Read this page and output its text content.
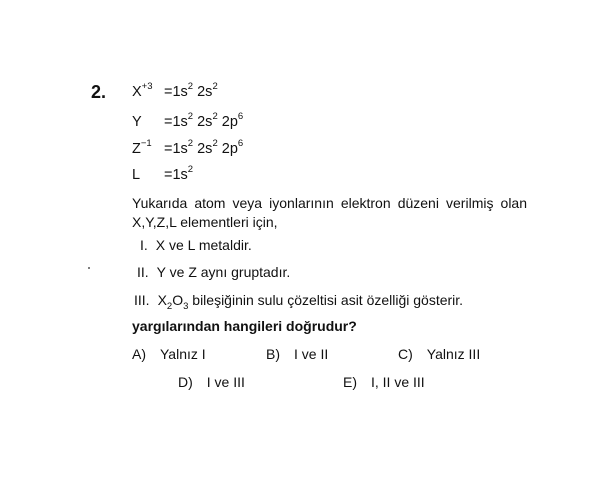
2. $X^{+3} =1s^2$ $2s^2$
$Y =1s^2$ $2s^2$ $2p^6$
$Z^{-1} =1s^2$ $2s^2$ $2p^6$
$L =1s^2$
Yukarıda atom veya iyonlarının elektron düzeni verilmiş olan X,Y,Z,L elementleri için,
I. X ve L metaldir.
II. Y ve Z aynı gruptadır.
III. $X_2O_3$ bileşiğinin sulu çözeltisi asit özelliği gösterir.
yargılarından hangileri doğrudur?
A) Yalnız I	B) I ve II	C) Yalnız III
D) I ve III	E) I, II ve III
